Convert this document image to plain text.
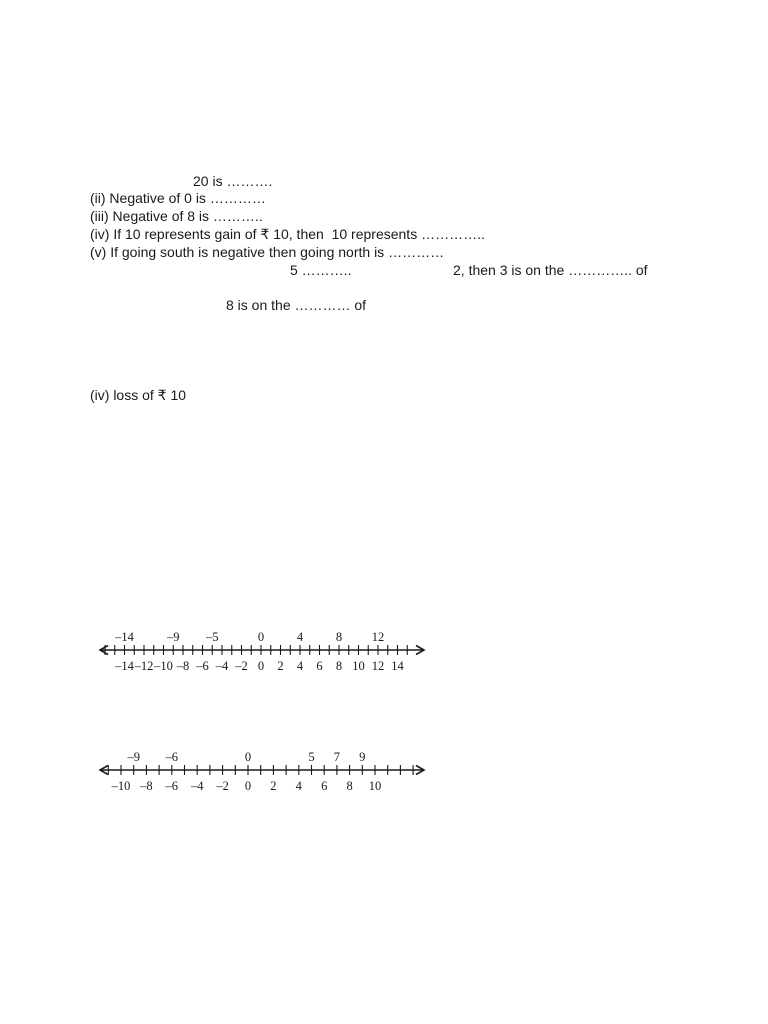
20 is ……….
(ii) Negative of 0 is …………
(iii) Negative of 8 is ………..
(iv) If 10 represents gain of ₹ 10, then  10 represents …………..
(v) If going south is negative then going north is …………
5 ………..	2, then 3 is on the ………….. of
8 is on the ………… of
(iv) loss of ₹ 10
–14 –12 –10 –8 –6 –4 –2 0 2 4 6 8 10 12 14
–14	–9 –5	0	4	8 12
–10 –8 –6 –4 –2 0 2 4 6 8 10
–9 –6	0	5 7 9
